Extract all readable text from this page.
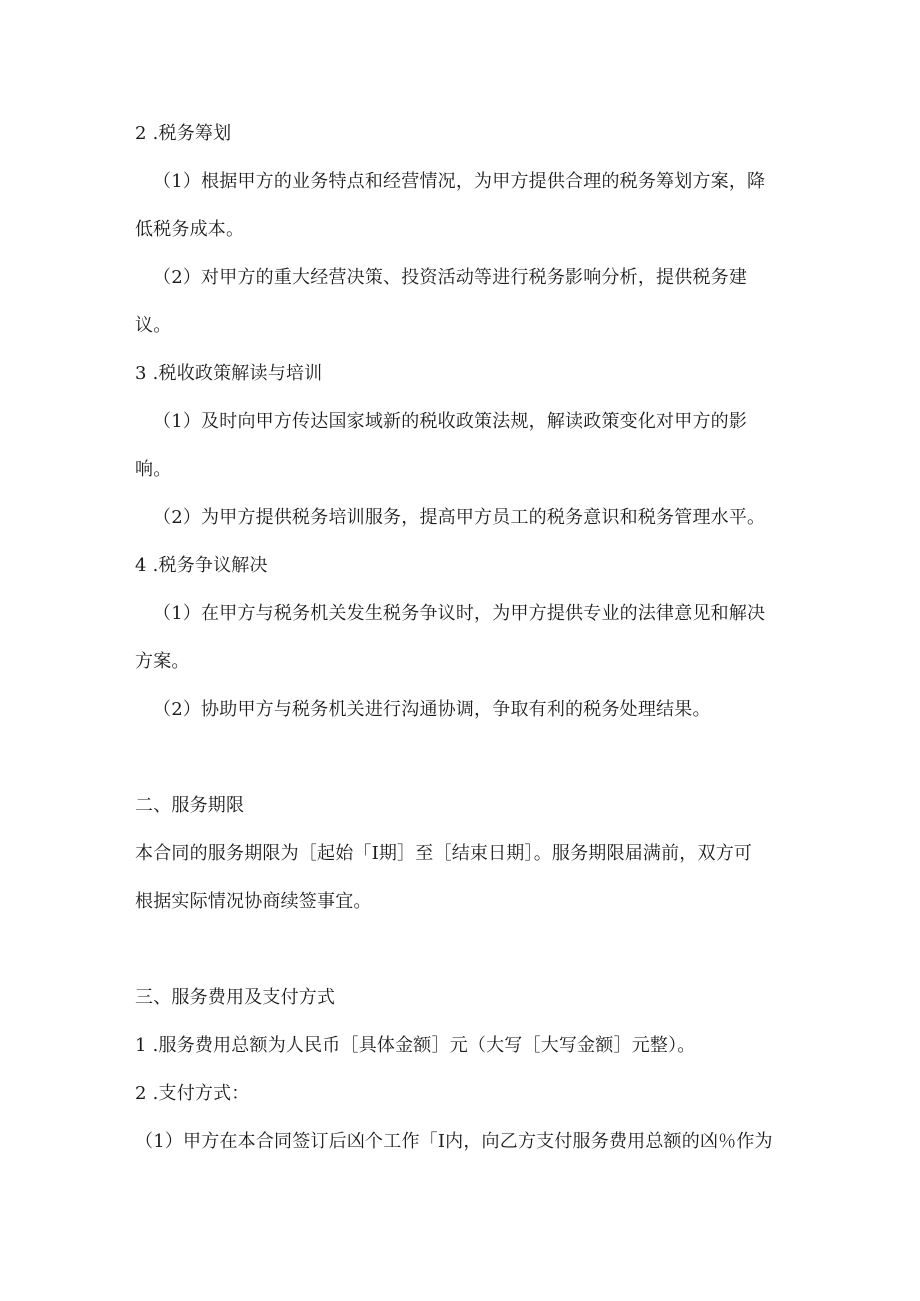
2 .税务筹划
（1）根据甲方的业务特点和经营情况，为甲方提供合理的税务筹划方案，降
低税务成本。
（2）对甲方的重大经营决策、投资活动等进行税务影响分析，提供税务建
议。
3 .税收政策解读与培训
（1）及时向甲方传达国家域新的税收政策法规，解读政策变化对甲方的影
响。
（2）为甲方提供税务培训服务，提高甲方员工的税务意识和税务管理水平。
4 .税务争议解决
（1）在甲方与税务机关发生税务争议时，为甲方提供专业的法律意见和解决
方案。
（2）协助甲方与税务机关进行沟通协调，争取有利的税务处理结果。
二、服务期限
本合同的服务期限为［起始「I期］至［结束日期］。服务期限届满前，双方可
根据实际情况协商续签事宜。
三、服务费用及支付方式
1 .服务费用总额为人民币［具体金额］元（大写［大写金额］元整）。
2 .支付方式：
（1）甲方在本合同签订后凶个工作「I内，向乙方支付服务费用总额的凶％作为
